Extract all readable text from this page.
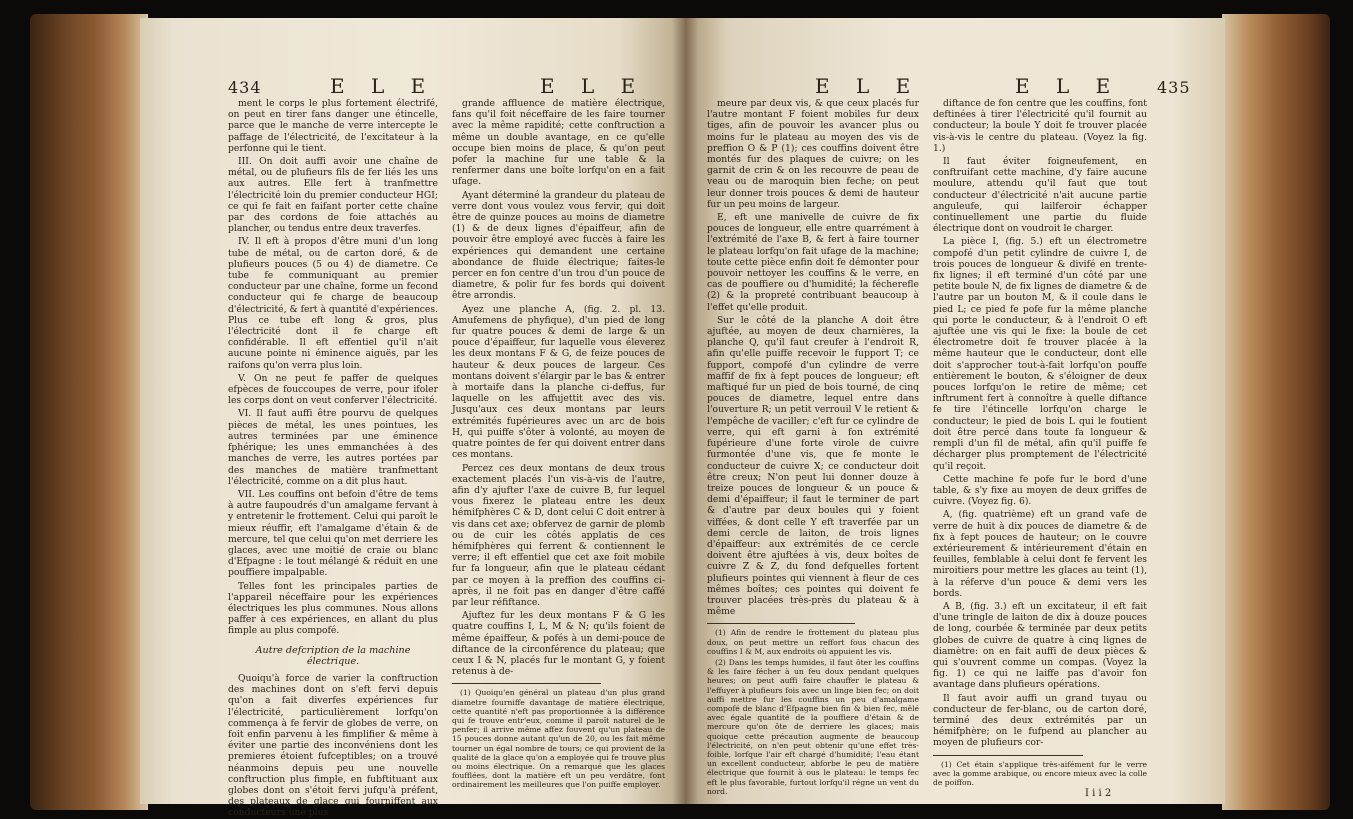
434	E L E	E L E

ment le corps le plus fortement électrifé, on peut en tirer fans danger une étincelle, parce que le manche de verre intercepte le paffage de l'électricité, de l'excitateur à la perfonne qui le tient.

III. On doit auffi avoir une chaîne de métal, ou de plufieurs fils de fer liés les uns aux autres. Elle fert à tranfmettre l'électricité loin du premier conducteur HGI; ce qui fe fait en faifant porter cette chaîne par des cordons de foie attachés au plancher, ou tendus entre deux traverfes.

IV. Il eft à propos d'être muni d'un long tube de métal, ou de carton doré, & de plufieurs pouces (5 ou 4) de diametre. Ce tube fe communiquant au premier conducteur par une chaîne, forme un fecond conducteur qui fe charge de beaucoup d'électricité, & fert à quantité d'expériences. Plus ce tube eft long & gros, plus l'électricité dont il fe charge eft confidérable. Il eft effentiel qu'il n'ait aucune pointe ni éminence aiguës, par les raifons qu'on verra plus loin.

V. On ne peut fe paffer de quelques efpèces de fouccoupes de verre, pour ifoler les corps dont on veut conferver l'électricité.

VI. Il faut auffi être pourvu de quelques pièces de métal, les unes pointues, les autres terminées par une éminence fphérique; les unes emmanchées à des manches de verre, les autres portées par des manches de matière tranfmettant l'électricité, comme on a dit plus haut.

VII. Les couffins ont befoin d'être de tems à autre faupoudrés d'un amalgame fervant à y entretenir le frottement. Celui qui paroît le mieux réuffir, eft l'amalgame d'étain & de mercure, tel que celui qu'on met derriere les glaces, avec une moitié de craie ou blanc d'Efpagne : le tout mélangé & réduit en une pouffiere impalpable.

Telles font les principales parties de l'appareil néceffaire pour les expériences électriques les plus communes. Nous allons paffer à ces expériences, en allant du plus fimple au plus compofé.

Autre defcription de la machine électrique.

Quoiqu'à force de varier la conftruction des machines dont on s'eft fervi depuis qu'on a fait diverfes expériences fur l'électricité, particulièrement lorfqu'on commença à fe fervir de globes de verre, on foit enfin parvenu à les fimplifier & même à éviter une partie des inconvéniens dont les premieres étoient fufceptibles; on a trouvé néanmoins depuis peu une nouvelle conftruction plus fimple, en fubftituant aux globes dont on s'étoit fervi jufqu'à préfent, des plateaux de glace qui fourniffent aux conducteurs une plus

grande affluence de matière électrique, fans qu'il foit néceffaire de les faire tourner avec la même rapidité; cette conftruction a même un double avantage, en ce qu'elle occupe bien moins de place, & qu'on peut pofer la machine fur une table & la renfermer dans une boîte lorfqu'on en a fait ufage.

Ayant déterminé la grandeur du plateau de verre dont vous voulez vous fervir, qui doit être de quinze pouces au moins de diametre (1) & de deux lignes d'épaiffeur, afin de pouvoir être employé avec fuccès à faire les expériences qui demandent une certaine abondance de fluide électrique; faites-le percer en fon centre d'un trou d'un pouce de diametre, & polir fur fes bords qui doivent être arrondis.

Ayez une planche A, (fig. 2. pl. 13. Amufemens de phyfique), d'un pied de long fur quatre pouces & demi de large & un pouce d'épaiffeur, fur laquelle vous éleverez les deux montans F & G, de feize pouces de hauteur & deux pouces de largeur. Ces montans doivent s'élargir par le bas & entrer à mortaife dans la planche ci-deffus, fur laquelle on les affujettit avec des vis. Jusqu'aux ces deux montans par leurs extrémités fupérieures avec un arc de bois H, qui puiffe s'ôter à volonté, au moyen de quatre pointes de fer qui doivent entrer dans ces montans.

Percez ces deux montans de deux trous exactement placés l'un vis-à-vis de l'autre, afin d'y ajufter l'axe de cuivre B, fur lequel vous fixerez le plateau entre les deux hémifphères C & D, dont celui C doit entrer à vis dans cet axe; obfervez de garnir de plomb ou de cuir les côtés applatis de ces hémifphères qui ferrent & contiennent le verre; il eft effentiel que cet axe foit mobile fur fa longueur, afin que le plateau cédant par ce moyen à la preffion des couffins ci-après, il ne foit pas en danger d'être caffé par leur réfiftance.

Ajuftez fur les deux montans F & G les quatre couffins I, L, M & N; qu'ils foient de même épaiffeur, & pofés à un demi-pouce de diftance de la circonférence du plateau; que ceux I & N, placés fur le montant G, y foient retenus à de-

(1) Quoiqu'en général un plateau d'un plus grand diametre fourniffe davantage de matière électrique, cette quantité n'eft pas proportionnée à la différence qui fe trouve entr'eux, comme il paroît naturel de le penfer; il arrive même affez fouvent qu'un plateau de 15 pouces donne autant qu'un de 20, ou les fait même tourner un égal nombre de tours; ce qui provient de la qualité de la glace qu'on a employée qui fe trouve plus ou moins électrique. On a remarqué que les glaces foufflées, dont la matière eft un peu verdâtre, font ordinairement les meilleures que l'on puiffe employer.

E L E	E L E 435

meure par deux vis, & que ceux placés fur l'autre montant F foient mobiles fur deux tiges, afin de pouvoir les avancer plus ou moins fur le plateau au moyen des vis de preffion O & P (1); ces couffins doivent être montés fur des plaques de cuivre; on les garnit de crin & on les recouvre de peau de veau ou de maroquin bien feche; on peut leur donner trois pouces & demi de hauteur fur un peu moins de largeur.

E, eft une manivelle de cuivre de fix pouces de longueur, elle entre quarrément à l'extrémité de l'axe B, & fert à faire tourner le plateau lorfqu'on fait ufage de la machine; toute cette pièce enfin doit fe démonter pour pouvoir nettoyer les couffins & le verre, en cas de pouffiere ou d'humidité; la fécherefle (2) & la propreté contribuant beaucoup à l'effet qu'elle produit.

Sur le côté de la planche A doit être ajuftée, au moyen de deux charnières, la planche Q, qu'il faut creufer à l'endroit R, afin qu'elle puiffe recevoir le fupport T; ce fupport, compofé d'un cylindre de verre maffif de fix à fept pouces de longueur; eft maftiqué fur un pied de bois tourné, de cinq pouces de diametre, lequel entre dans l'ouverture R; un petit verrouil V le retient & l'empêche de vaciller; c'eft fur ce cylindre de verre, qui eft garni à fon extrémité fupérieure d'une forte virole de cuivre furmontée d'une vis, que fe monte le conducteur de cuivre X; ce conducteur doit être creux; N'on peut lui donner douze à treize pouces de longueur & un pouce & demi d'épaiffeur; il faut le terminer de part & d'autre par deux boules qui y foient viffées, & dont celle Y eft traverfée par un demi cercle de laiton, de trois lignes d'épaiffeur: aux extrémités de ce cercle doivent être ajuftées à vis, deux boîtes de cuivre Z & Z, du fond defquelles fortent plufieurs pointes qui viennent à fleur de ces mêmes boîtes; ces pointes qui doivent fe trouver placées très-près du plateau & à même

(1) Afin de rendre le frottement du plateau plus doux, on peut mettre un reffort fous chacun des couffins I & M, aux endroits où appuient les vis.

(2) Dans les temps humides, il faut ôter les couffins & les faire fécher à un feu doux pendant quelques heures; on peut auffi faire chauffer le plateau & l'effuyer à plufieurs fois avec un linge bien fec; on doit auffi mettre fur les couffins un peu d'amalgame compofé de blanc d'Efpagne bien fin & bien fec, mêlé avec égale quantité de la pouffiere d'étain & de mercure qu'on ôte de derriere les glaces; mais quoique cette précaution augmente de beaucoup l'électricité, on n'en peut obtenir qu'une effet très-foible, lorfque l'air eft chargé d'humidité; l'eau étant un excellent conducteur, abforbe le peu de matière électrique que fournit à ous le plateau: le temps fec eft le plus favorable, furtout lorfqu'il régne un vent du nord.

diftance de fon centre que les couffins, font deftinées à tirer l'électricité qu'il fournit au conducteur; la boule Y doit fe trouver placée vis-à-vis le centre du plateau. (Voyez la fig. 1.)

Il faut éviter foigneufement, en conftruifant cette machine, d'y faire aucune moulure, attendu qu'il faut que tout conducteur d'électricité n'ait aucune partie anguleufe, qui lailferoir échapper continuellement une partie du fluide électrique dont on voudroit le charger.

La pièce I, (fig. 5.) eft un électrometre compofé d'un petit cylindre de cuivre I, de trois pouces de longueur & divifé en trente-fix lignes; il eft terminé d'un côté par une petite boule N, de fix lignes de diametre & de l'autre par un bouton M, & il coule dans le pied L; ce pied fe pofe fur la même planche qui porte le conducteur, & à l'endroit O eft ajuftée une vis qui le fixe: la boule de cet électrometre doit fe trouver placée à la même hauteur que le conducteur, dont elle doit s'approcher tout-à-fait lorfqu'on pouffe entièrement le bouton, & s'éloigner de deux pouces lorfqu'on le retire de même; cet inftrument fert à connoître à quelle diftance fe tire l'étincelle lorfqu'on charge le conducteur; le pied de bois L qui le foutient doit être percé dans toute fa longueur & rempli d'un fil de métal, afin qu'il puiffe fe décharger plus promptement de l'électricité qu'il reçoit.

Cette machine fe pofe fur le bord d'une table, & s'y fixe au moyen de deux griffes de cuivre. (Voyez fig. 6).

A, (fig. quatrième) eft un grand vafe de verre de huit à dix pouces de diametre & de fix à fept pouces de hauteur; on le couvre extérieurement & intérieurement d'étain en feuilles, femblable à celui dont fe fervent les miroitiers pour mettre les glaces au teint (1), à la réferve d'un pouce & demi vers les bords.

A B, (fig. 3.) eft un excitateur, il eft fait d'une tringle de laiton de dix à douze pouces de long, courbée & terminée par deux petits globes de cuivre de quatre à cinq lignes de diamètre: on en fait auffi de deux pièces & qui s'ouvrent comme un compas. (Voyez la fig. 1) ce qui ne laiffe pas d'avoir fon avantage dans plufieurs opérations.

Il faut avoir auffi un grand tuyau ou conducteur de fer-blanc, ou de carton doré, terminé des deux extrémités par un hémifphère; on le fufpend au plancher au moyen de plufieurs cor-

(1) Cet étain s'applique très-aifément fur le verre avec la gomme arabique, ou encore mieux avec la colle de poiffon.

I i i 2
